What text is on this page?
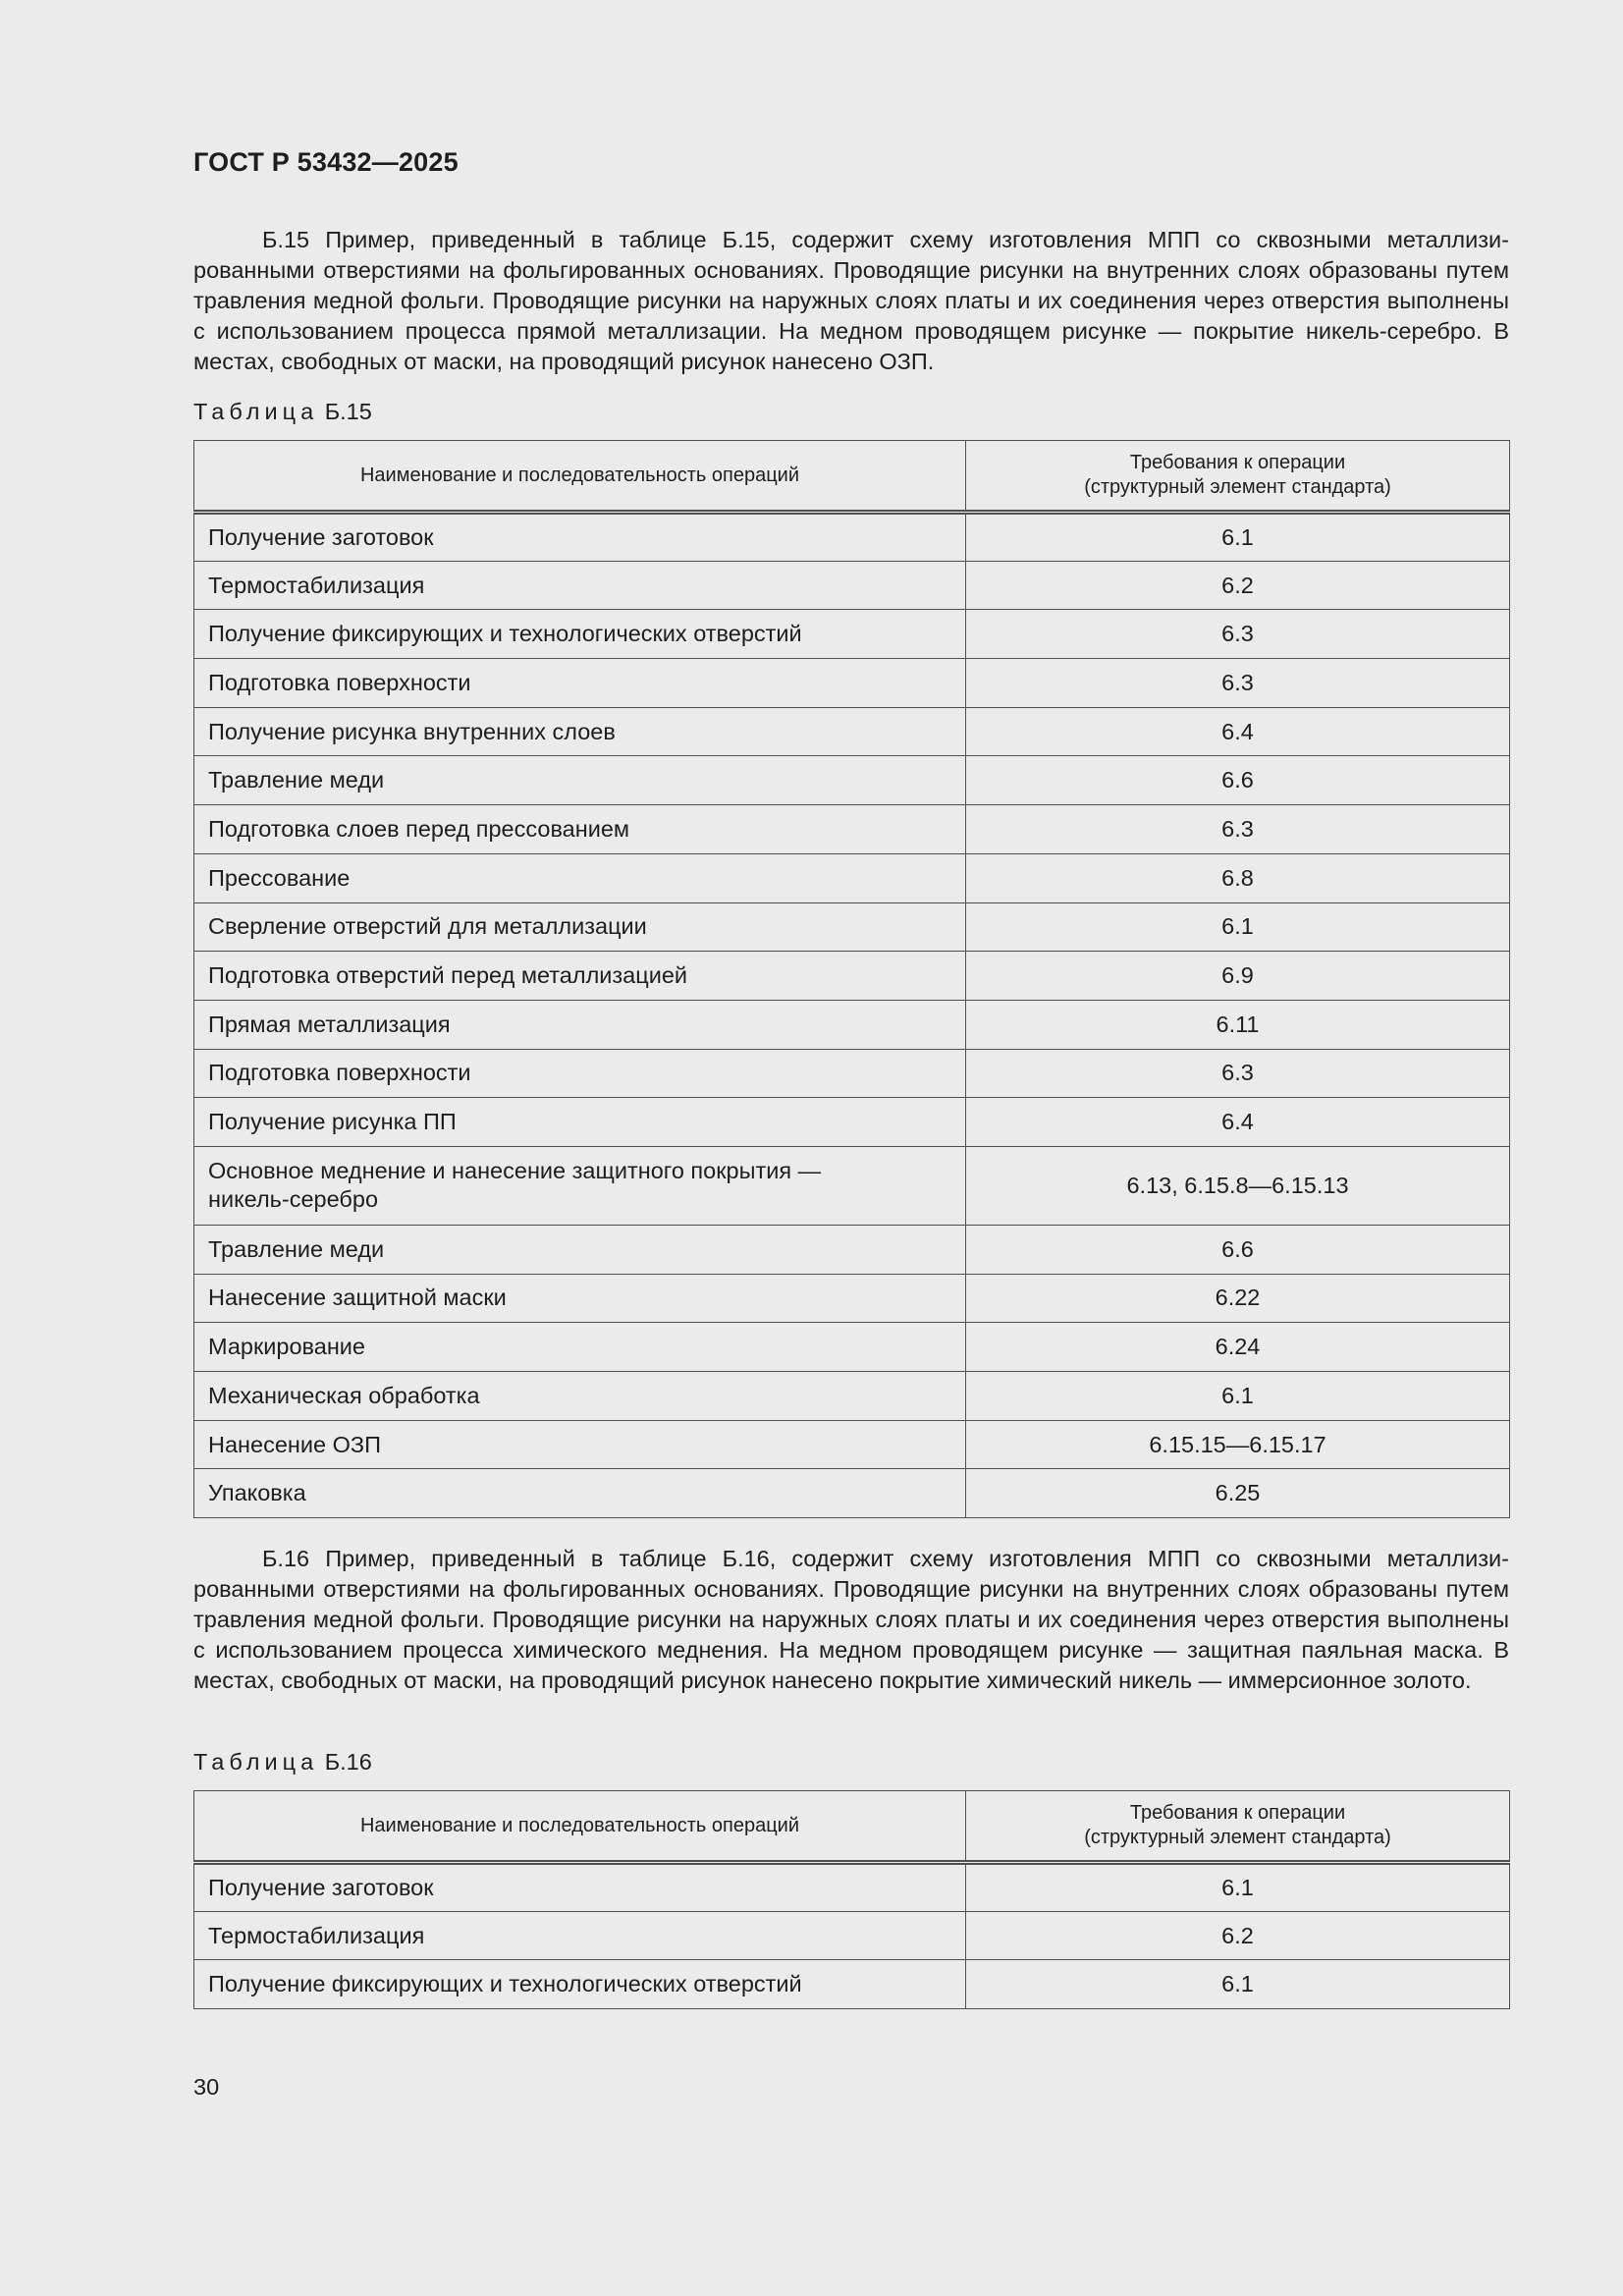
ГОСТ Р 53432—2025

Б.15 Пример, приведенный в таблице Б.15, содержит схему изготовления МПП со сквозными металлизированными отверстиями на фольгированных основаниях. Проводящие рисунки на внутренних слоях образованы путем травления медной фольги. Проводящие рисунки на наружных слоях платы и их соединения через отверстия выполнены с использованием процесса прямой металлизации. На медном проводящем рисунке — покрытие никель-серебро. В местах, свободных от маски, на проводящий рисунок нанесено ОЗП.

Таблица Б.15
Наименование и последовательность операций	Требования к операции
(структурный элемент стандарта)

Получение заготовок	6.1
Термостабилизация	6.2
Получение фиксирующих и технологических отверстий	6.3
Подготовка поверхности	6.3
Получение рисунка внутренних слоев	6.4
Травление меди	6.6
Подготовка слоев перед прессованием	6.3
Прессование	6.8
Сверление отверстий для металлизации	6.1
Подготовка отверстий перед металлизацией	6.9
Прямая металлизация	6.11
Подготовка поверхности	6.3
Получение рисунка ПП	6.4

Основное меднение и нанесение защитного покрытия —
никель-серебро	6.13, 6.15.8—6.15.13
Травление меди	6.6
Нанесение защитной маски	6.22
Маркирование	6.24
Механическая обработка	6.1
Нанесение ОЗП	6.15.15—6.15.17
Упаковка	6.25

Б.16 Пример, приведенный в таблице Б.16, содержит схему изготовления МПП со сквозными металлизированными отверстиями на фольгированных основаниях. Проводящие рисунки на внутренних слоях образованы путем травления медной фольги. Проводящие рисунки на наружных слоях платы и их соединения через отверстия выполнены с использованием процесса химического меднения. На медном проводящем рисунке — защитная паяльная маска. В местах, свободных от маски, на проводящий рисунок нанесено покрытие химический никель — иммерсионное золото.

Таблица Б.16
Наименование и последовательность операций	Требования к операции
(структурный элемент стандарта)

Получение заготовок	6.1
Термостабилизация	6.2
Получение фиксирующих и технологических отверстий	6.1
30
